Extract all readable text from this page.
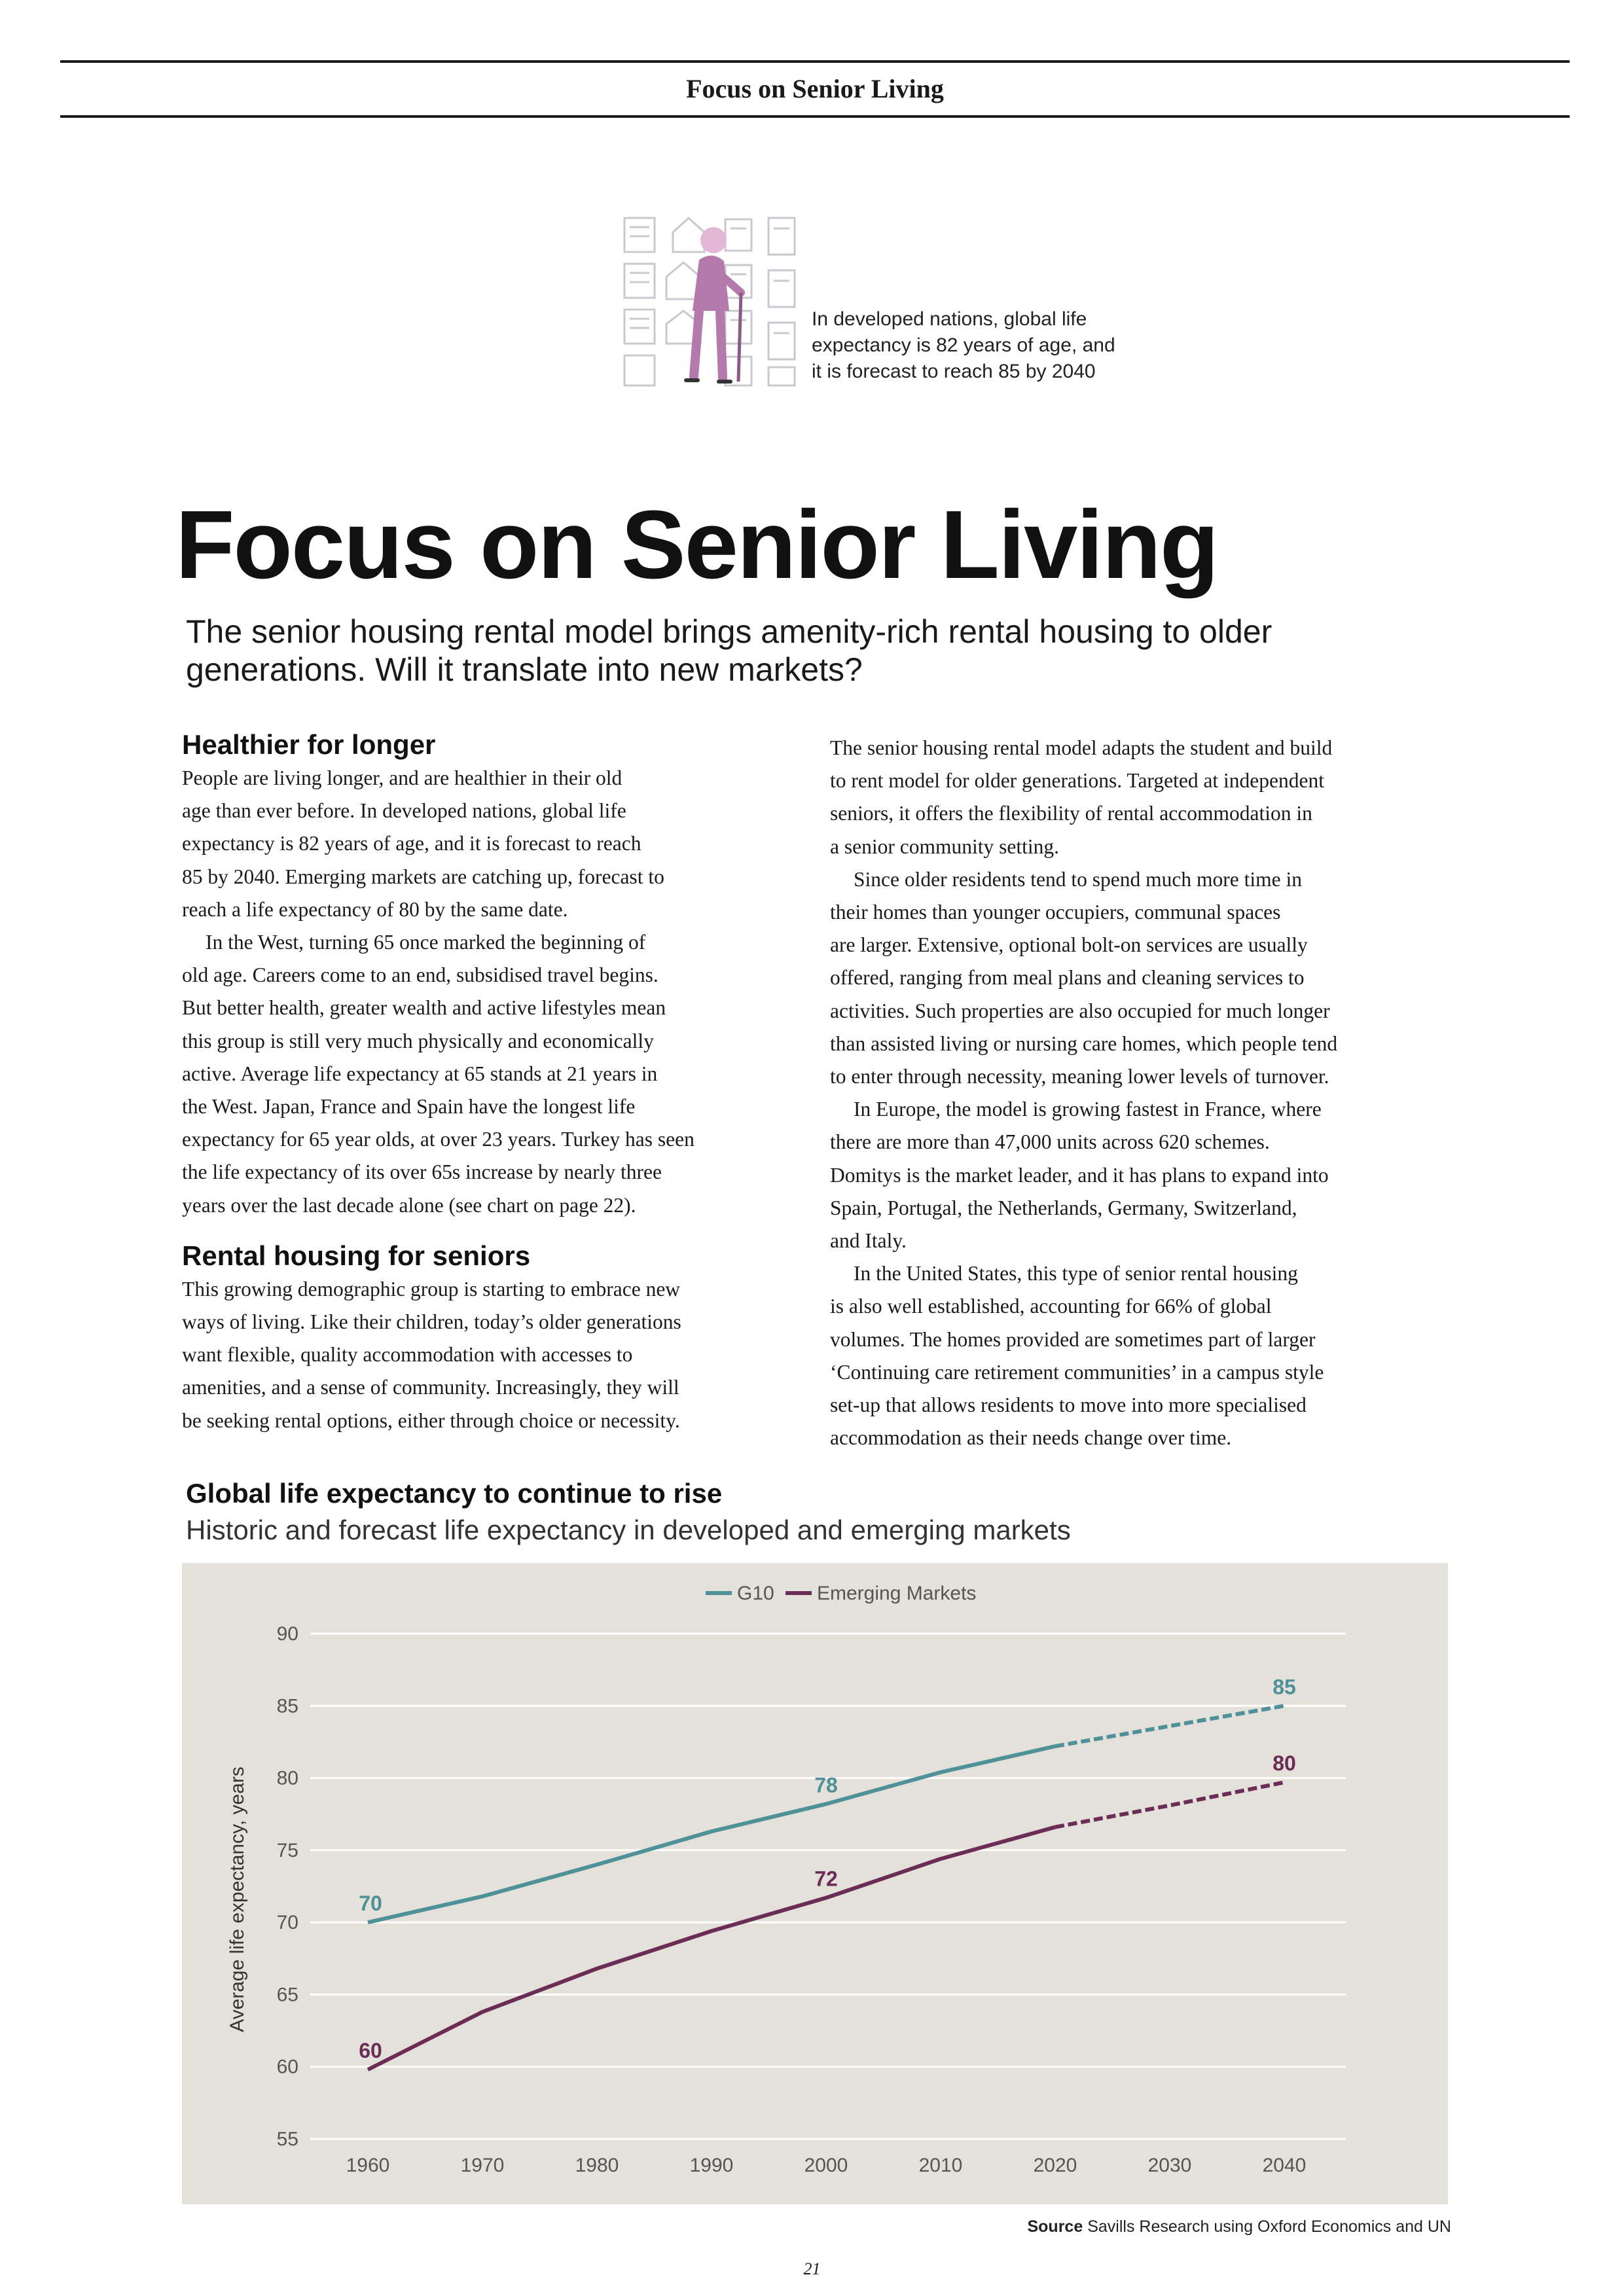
Focus on Senior Living
In developed nations, global life
expectancy is 82 years of age, and
it is forecast to reach 85 by 2040
Focus on Senior Living
The senior housing rental model brings amenity-rich rental housing to older
generations. Will it translate into new markets?
Healthier for longer

People are living longer, and are healthier in their old
age than ever before. In developed nations, global life
expectancy is 82 years of age, and it is forecast to reach
85 by 2040. Emerging markets are catching up, forecast to
reach a life expectancy of 80 by the same date.
In the West, turning 65 once marked the beginning of
old age. Careers come to an end, subsidised travel begins.
But better health, greater wealth and active lifestyles mean
this group is still very much physically and economically
active. Average life expectancy at 65 stands at 21 years in
the West. Japan, France and Spain have the longest life
expectancy for 65 year olds, at over 23 years. Turkey has seen
the life expectancy of its over 65s increase by nearly three
years over the last decade alone (see chart on page 22).

Rental housing for seniors

This growing demographic group is starting to embrace new
ways of living. Like their children, today’s older generations
want flexible, quality accommodation with accesses to
amenities, and a sense of community. Increasingly, they will
be seeking rental options, either through choice or necessity.

The senior housing rental model adapts the student and build
to rent model for older generations. Targeted at independent
seniors, it offers the flexibility of rental accommodation in
a senior community setting.
Since older residents tend to spend much more time in
their homes than younger occupiers, communal spaces
are larger. Extensive, optional bolt-on services are usually
offered, ranging from meal plans and cleaning services to
activities. Such properties are also occupied for much longer
than assisted living or nursing care homes, which people tend
to enter through necessity, meaning lower levels of turnover.
In Europe, the model is growing fastest in France, where
there are more than 47,000 units across 620 schemes.
Domitys is the market leader, and it has plans to expand into
Spain, Portugal, the Netherlands, Germany, Switzerland,
and Italy.
In the United States, this type of senior rental housing
is also well established, accounting for 66% of global
volumes. The homes provided are sometimes part of larger
‘Continuing care retirement communities’ in a campus style
set-up that allows residents to move into more specialised
accommodation as their needs change over time.

Global life expectancy to continue to rise
Historic and forecast life expectancy in developed and emerging markets
90
85
80
75
70
65
60
55
1960	1970	1980	1990	2000	2010	2020	2030	2040
Average life expectancy, years
G10 Emerging Markets
70
78
85
60
72
80
Source Savills Research using Oxford Economics and UN
21
